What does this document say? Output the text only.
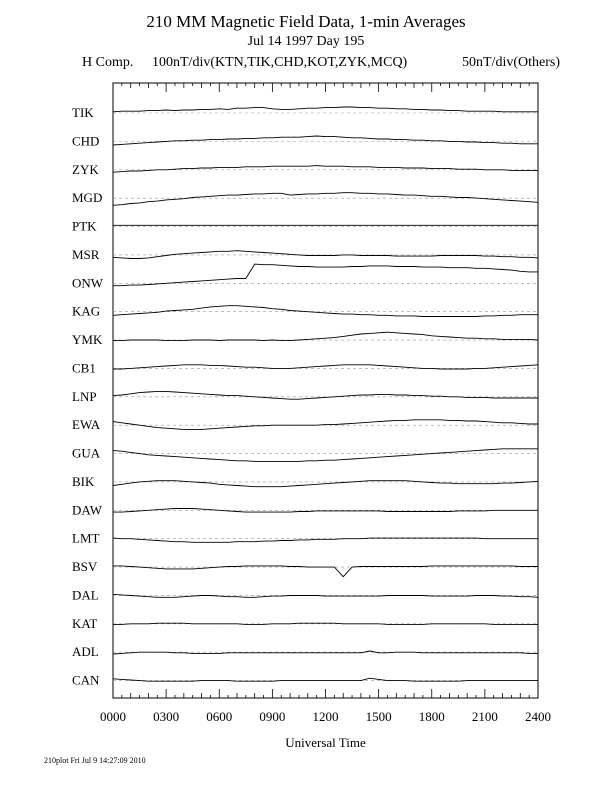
210 MM Magnetic Field Data, 1-min Averages
Jul 14 1997 Day 195
H Comp. 100nT/div(KTN,TIK,CHD,KOT,ZYK,MCQ)	50nT/div(Others)
0000 0300 0600 0900 1200 1500 1800 2100 2400
Universal Time
TIK
CHD
ZYK
MGD
PTK
MSR
ONW
KAG
YMK
CB1
LNP
EWA
GUA
BIK
DAW
LMT
BSV
DAL
KAT
ADL
CAN
210plot Fri Jul 9 14:27:09 2010
